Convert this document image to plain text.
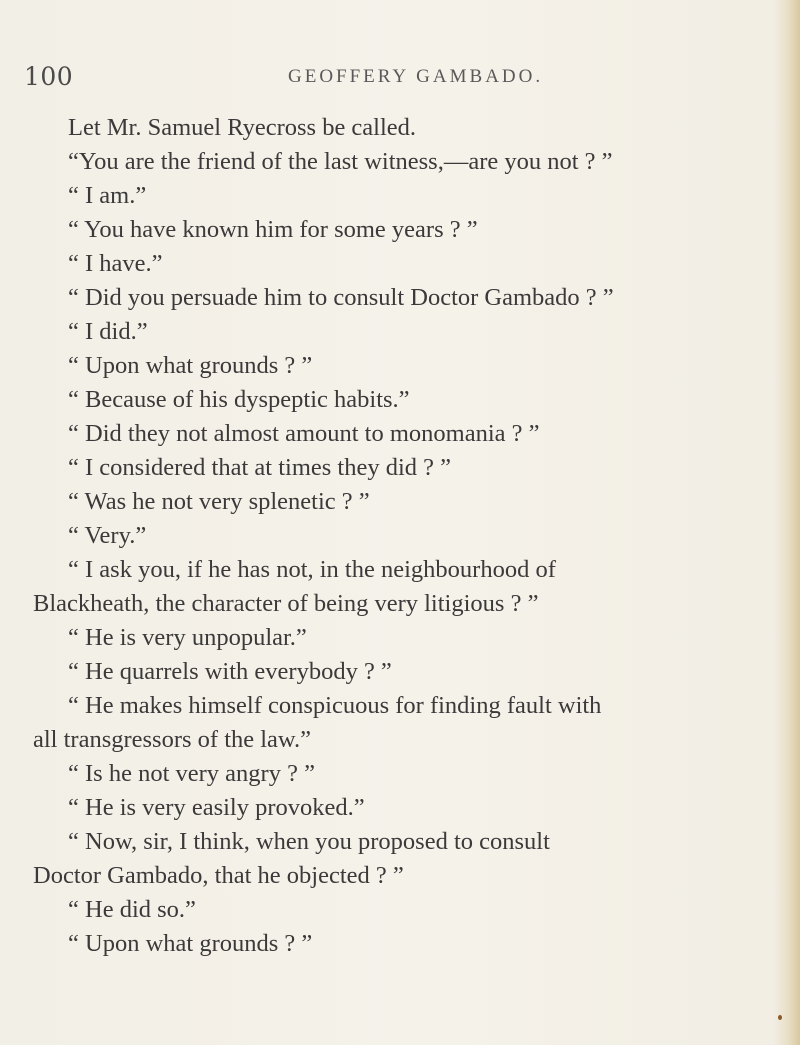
100	GEOFFERY GAMBADO.
Let Mr. Samuel Ryecross be called.
“You are the friend of the last witness,—are you not ? ”
“ I am.”
“ You have known him for some years ? ”
“ I have.”
“ Did you persuade him to consult Doctor Gambado ? ”
“ I did.”
“ Upon what grounds ? ”
“ Because of his dyspeptic habits.”
“ Did they not almost amount to monomania ? ”
“ I considered that at times they did ? ”
“ Was he not very splenetic ? ”
“ Very.”
“ I ask you, if he has not, in the neighbourhood of
Blackheath, the character of being very litigious ? ”
“ He is very unpopular.”
“ He quarrels with everybody ? ”
“ He makes himself conspicuous for finding fault with
all transgressors of the law.”
“ Is he not very angry ? ”
“ He is very easily provoked.”
“ Now, sir, I think, when you proposed to consult
Doctor Gambado, that he objected ? ”
“ He did so.”
“ Upon what grounds ? ”
